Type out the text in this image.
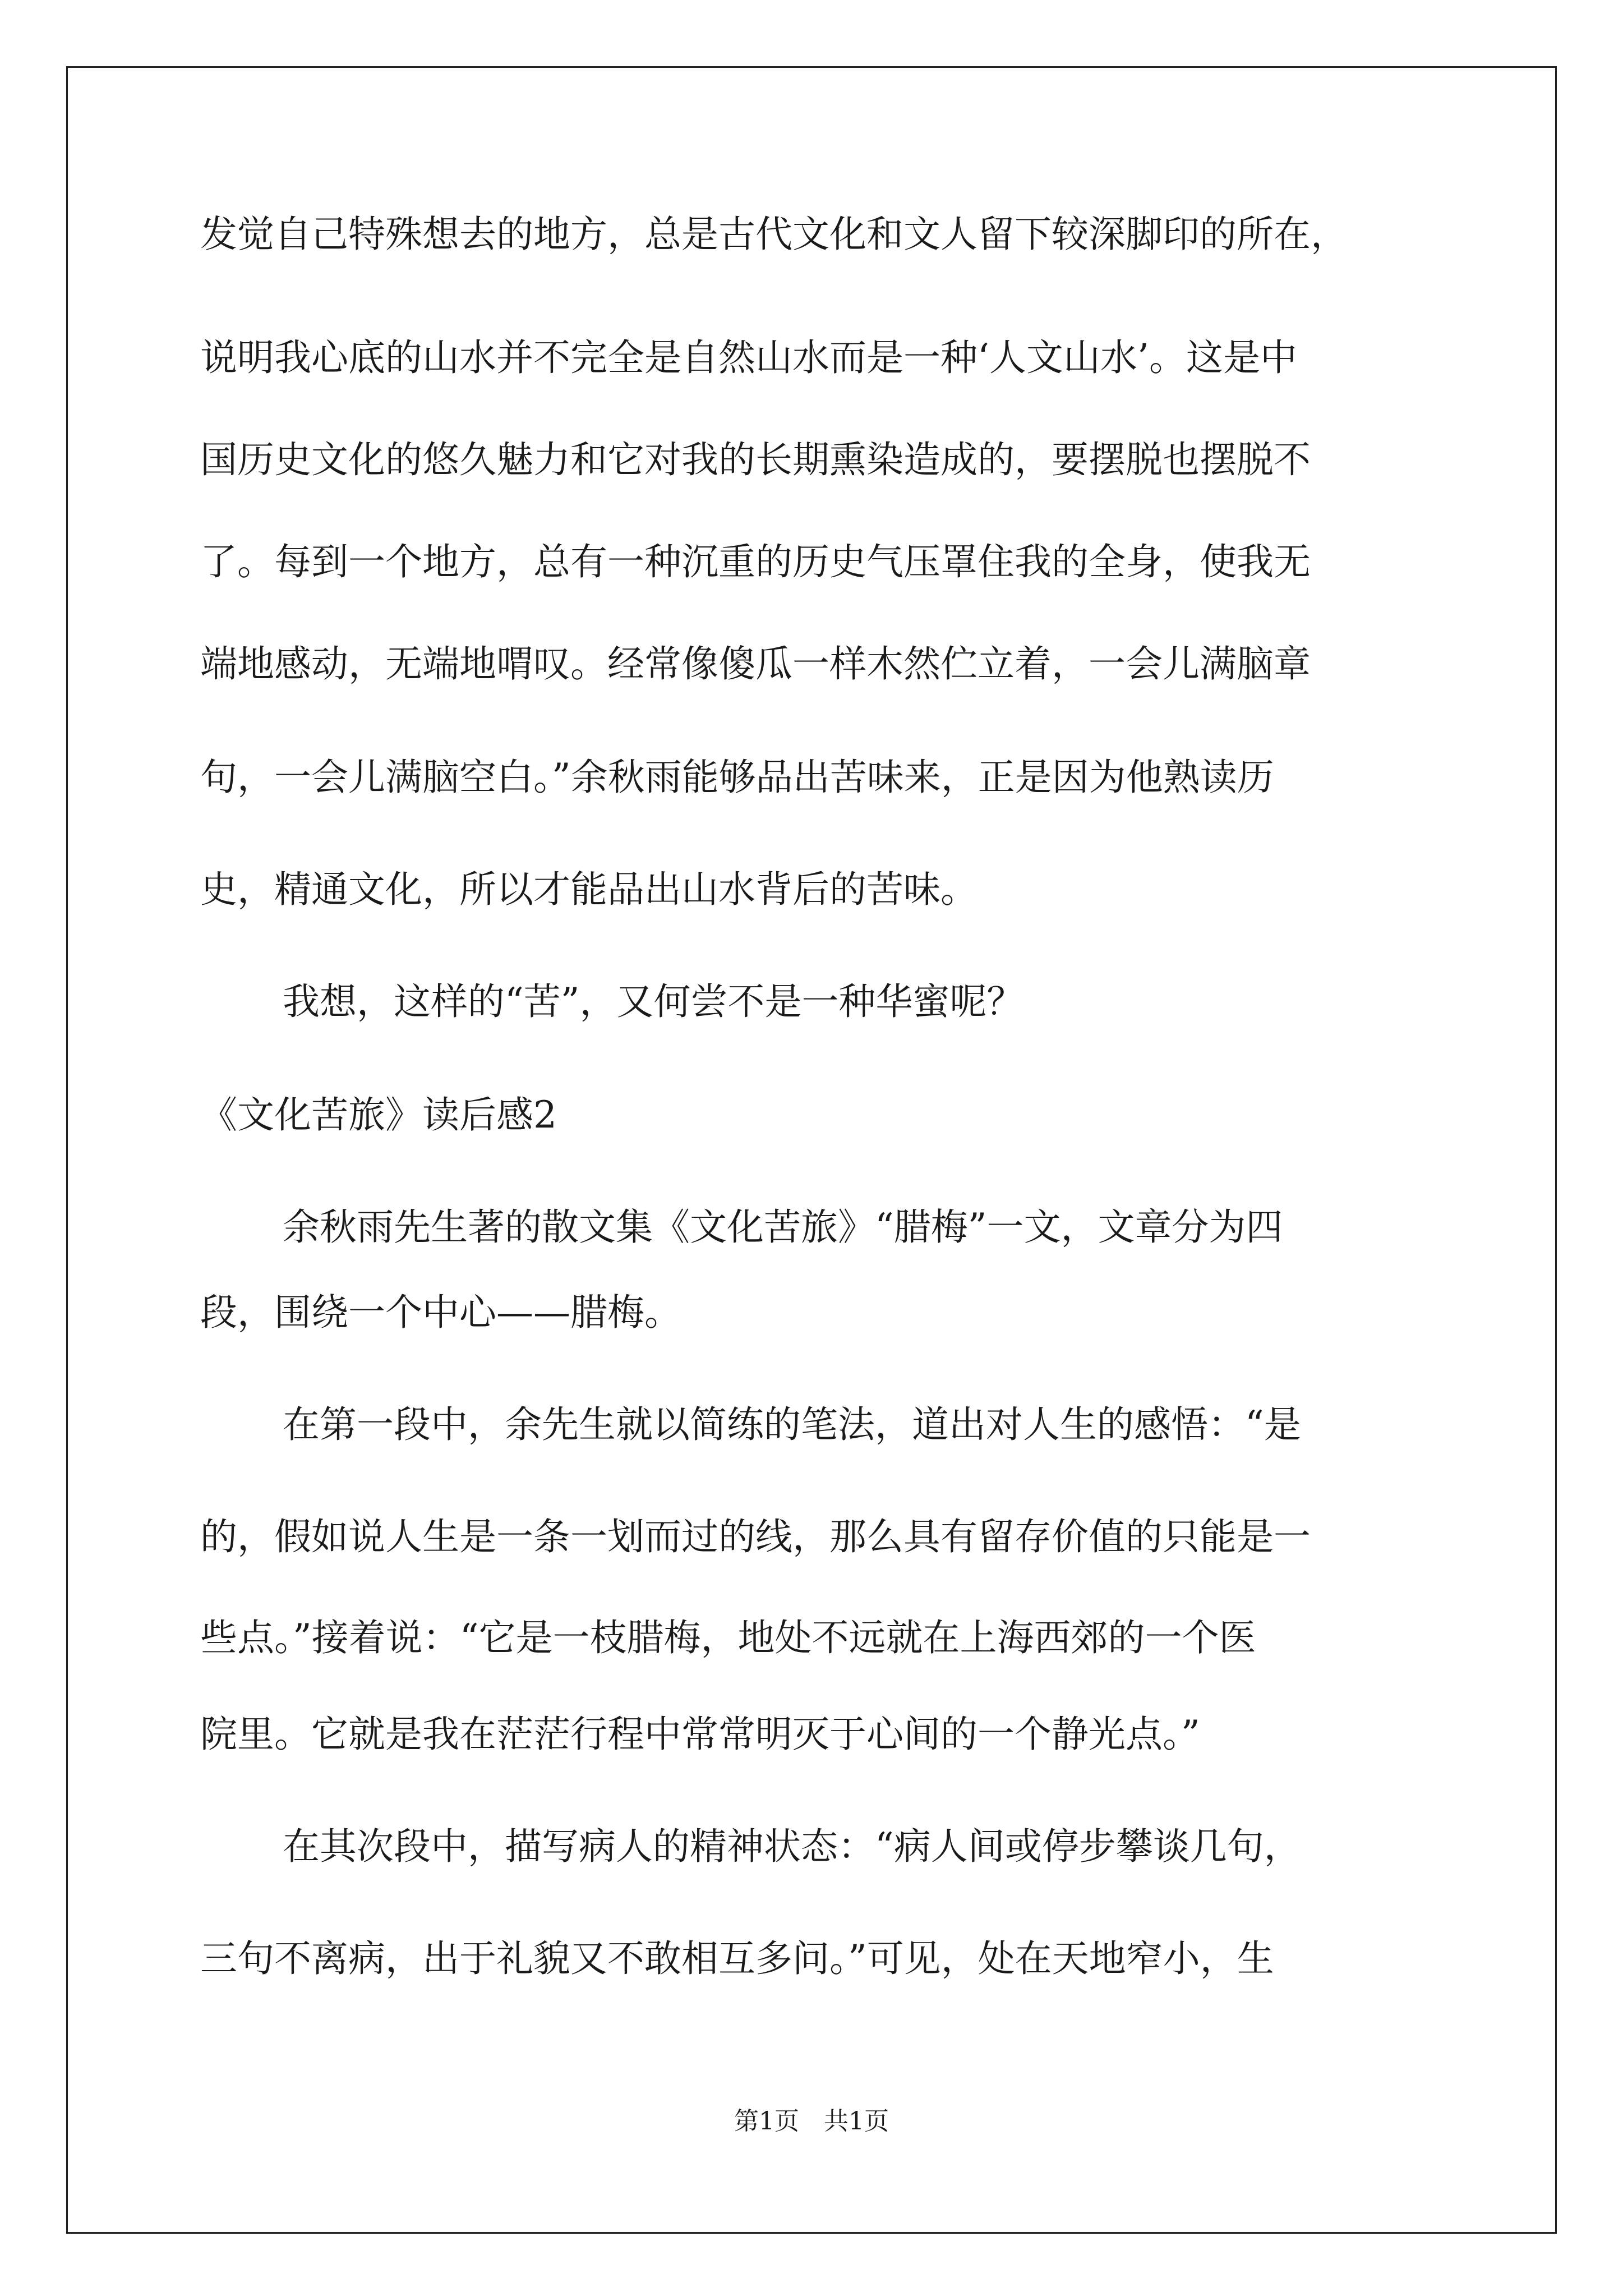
发觉自己特殊想去的地方，总是古代文化和文人留下较深脚印的所在，
说明我心底的山水并不完全是自然山水而是一种‘人文山水’。这是中
国历史文化的悠久魅力和它对我的长期熏染造成的，要摆脱也摆脱不
了。每到一个地方，总有一种沉重的历史气压罩住我的全身，使我无
端地感动，无端地喟叹。经常像傻瓜一样木然伫立着，一会儿满脑章
句，一会儿满脑空白。”余秋雨能够品出苦味来，正是因为他熟读历
史，精通文化，所以才能品出山水背后的苦味。
我想，这样的“苦”，又何尝不是一种华蜜呢？
《文化苦旅》读后感2
余秋雨先生著的散文集《文化苦旅》“腊梅”一文，文章分为四
段，围绕一个中心——腊梅。
在第一段中，余先生就以简练的笔法，道出对人生的感悟：“是
的，假如说人生是一条一划而过的线，那么具有留存价值的只能是一
些点。”接着说：“它是一枝腊梅，地处不远就在上海西郊的一个医
院里。它就是我在茫茫行程中常常明灭于心间的一个静光点。”
在其次段中，描写病人的精神状态：“病人间或停步攀谈几句，
三句不离病，出于礼貌又不敢相互多问。”可见，处在天地窄小，生
第1页　共1页
